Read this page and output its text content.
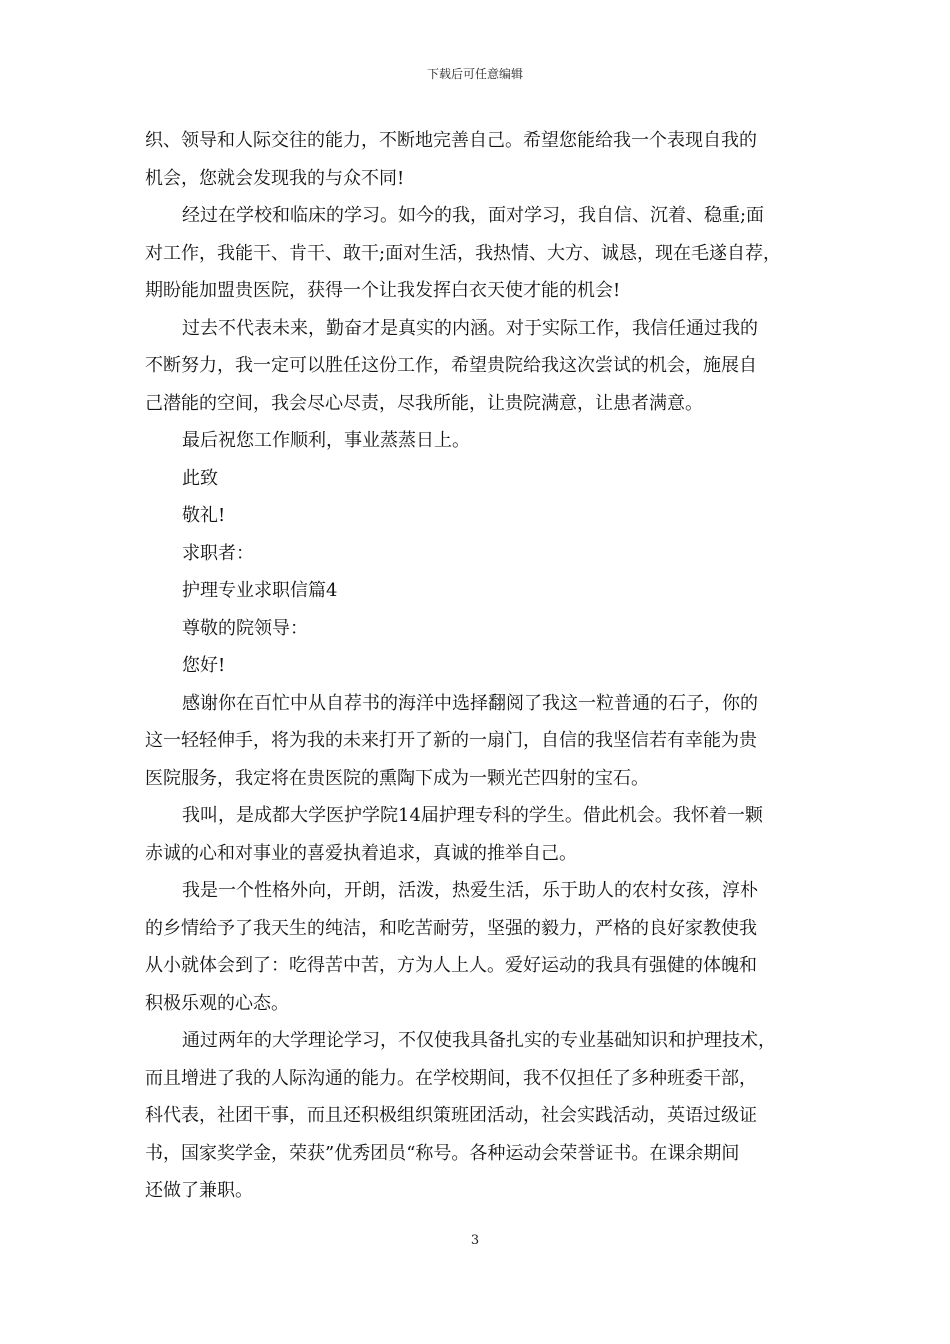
下载后可任意编辑

织、领导和人际交往的能力，不断地完善自己。希望您能给我一个表现自我的
机会，您就会发现我的与众不同!

经过在学校和临床的学习。如今的我，面对学习，我自信、沉着、稳重;面
对工作，我能干、肯干、敢干;面对生活，我热情、大方、诚恳，现在毛遂自荐，
期盼能加盟贵医院，获得一个让我发挥白衣天使才能的机会!

过去不代表未来，勤奋才是真实的内涵。对于实际工作，我信任通过我的
不断努力，我一定可以胜任这份工作，希望贵院给我这次尝试的机会，施展自
己潜能的空间，我会尽心尽责，尽我所能，让贵院满意，让患者满意。

最后祝您工作顺利，事业蒸蒸日上。

此致

敬礼!

求职者：

护理专业求职信篇4

尊敬的院领导：

您好!

感谢你在百忙中从自荐书的海洋中选择翻阅了我这一粒普通的石子，你的
这一轻轻伸手，将为我的未来打开了新的一扇门，自信的我坚信若有幸能为贵
医院服务，我定将在贵医院的熏陶下成为一颗光芒四射的宝石。

我叫，是成都大学医护学院14届护理专科的学生。借此机会。我怀着一颗
赤诚的心和对事业的喜爱执着追求，真诚的推举自己。

我是一个性格外向，开朗，活泼，热爱生活，乐于助人的农村女孩，淳朴
的乡情给予了我天生的纯洁，和吃苦耐劳，坚强的毅力，严格的良好家教使我
从小就体会到了：吃得苦中苦，方为人上人。爱好运动的我具有强健的体魄和
积极乐观的心态。

通过两年的大学理论学习，不仅使我具备扎实的专业基础知识和护理技术，
而且增进了我的人际沟通的能力。在学校期间，我不仅担任了多种班委干部，
科代表，社团干事，而且还积极组织策班团活动，社会实践活动，英语过级证
书，国家奖学金，荣获”优秀团员“称号。各种运动会荣誉证书。在课余期间
还做了兼职。

3
